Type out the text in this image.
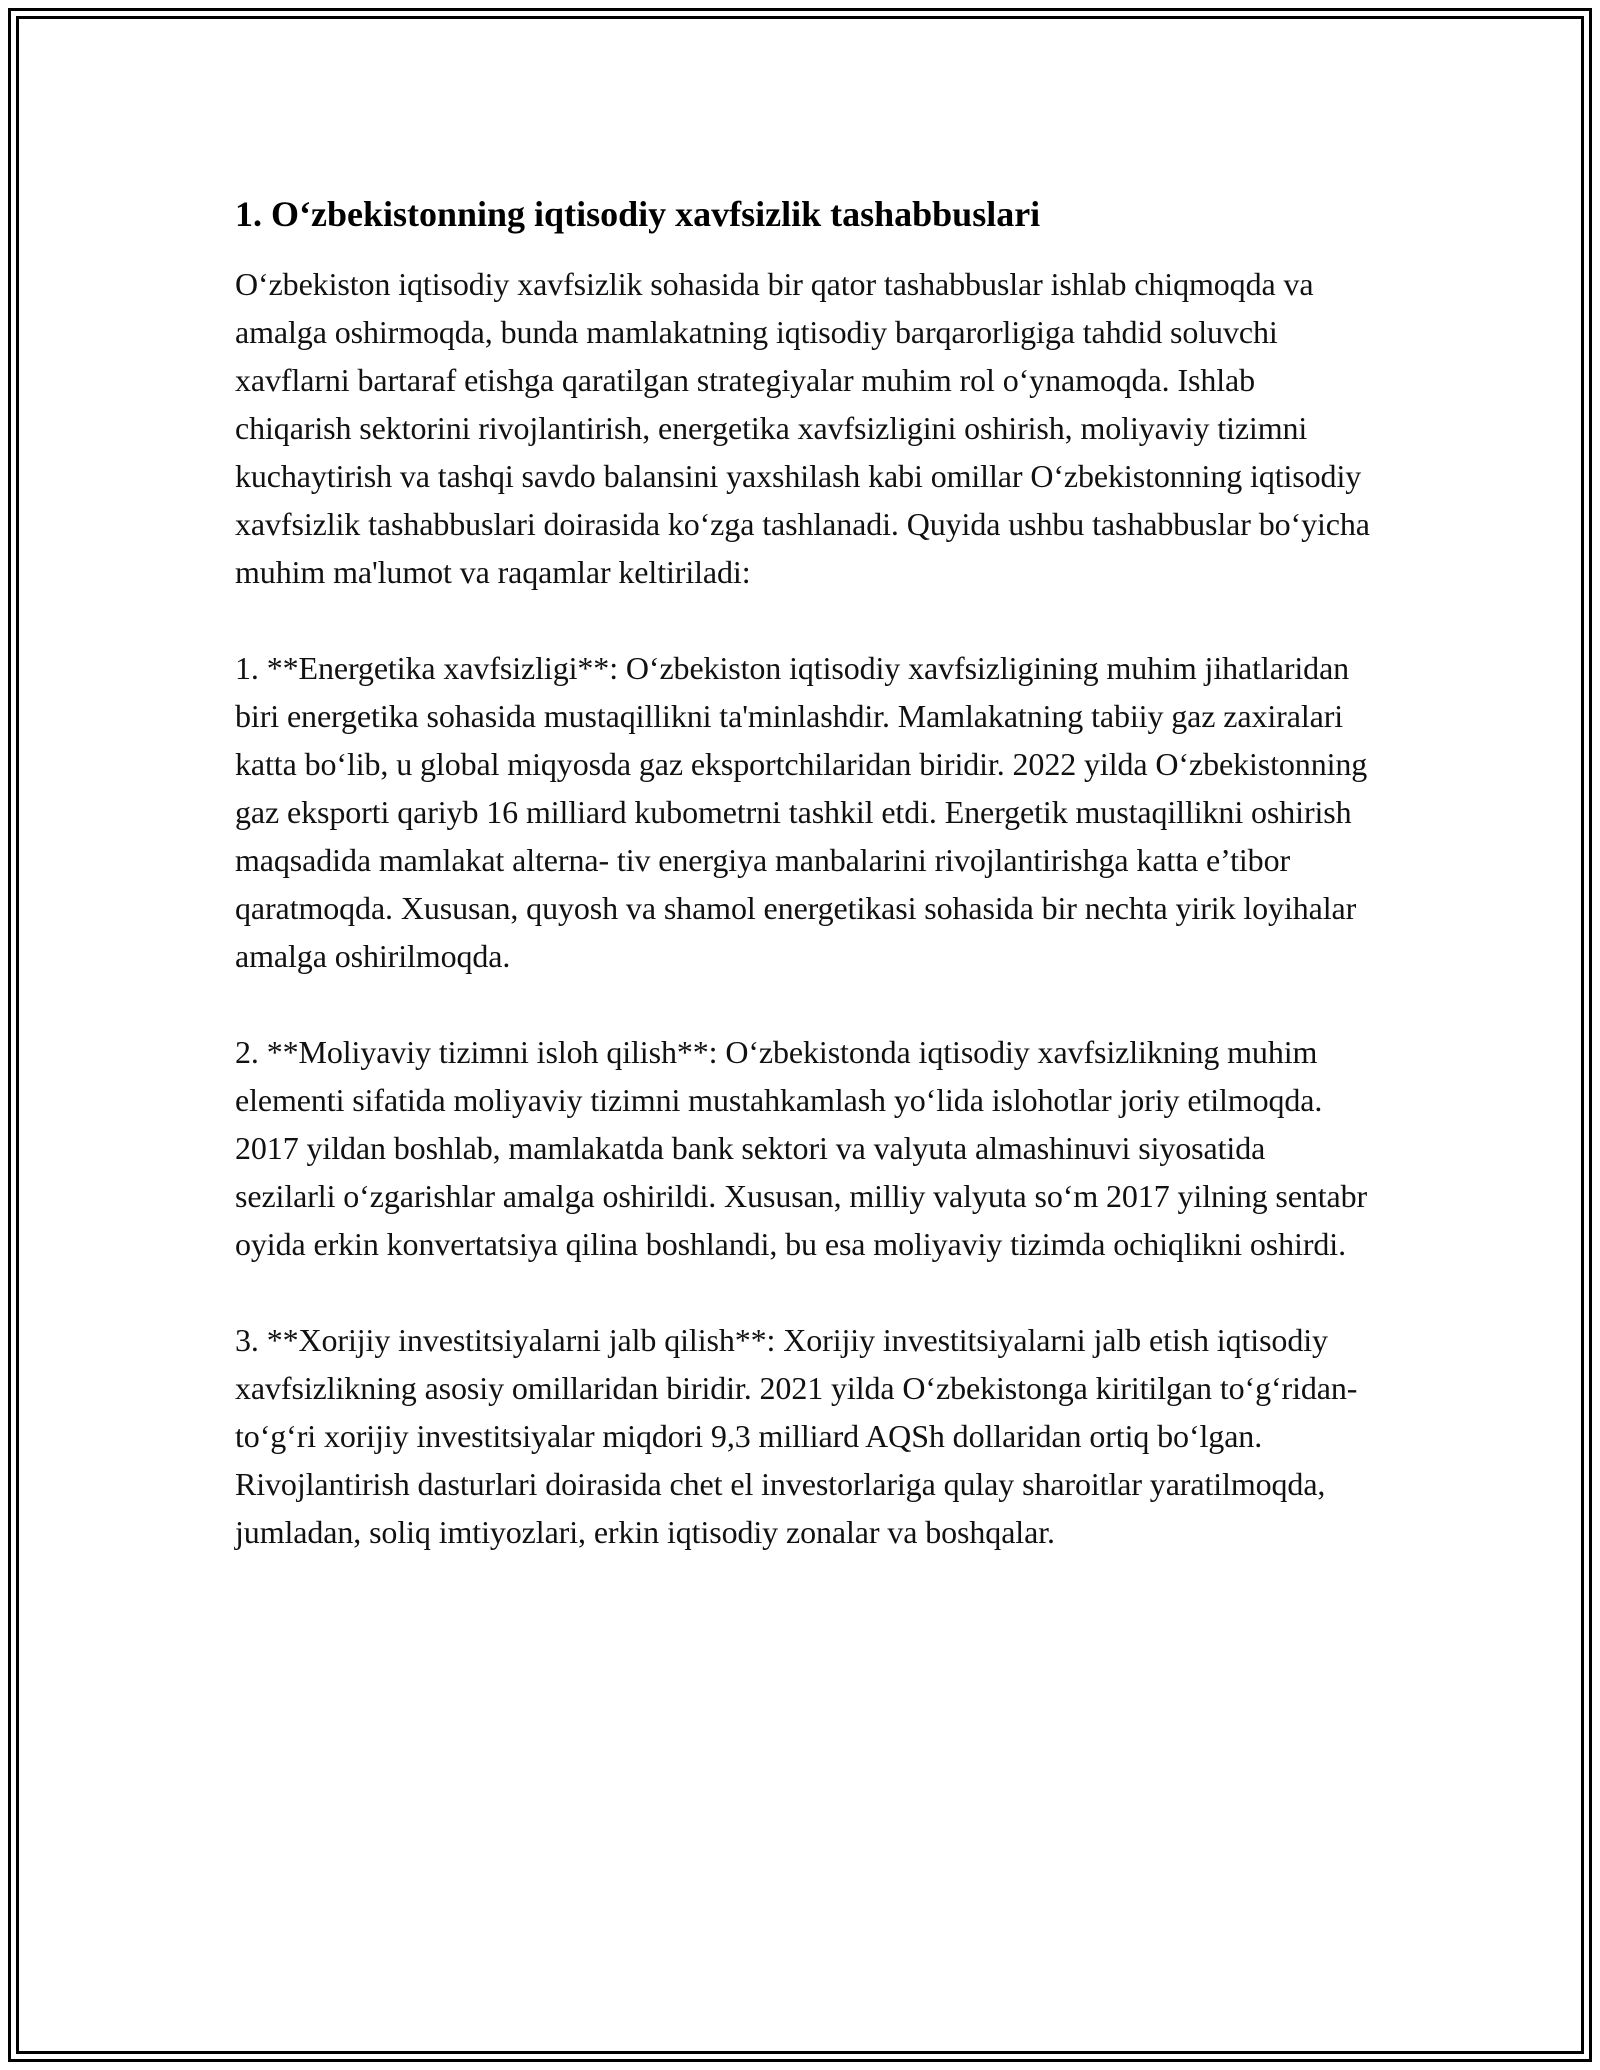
1. O‘zbekistonning iqtisodiy xavfsizlik tashabbuslari

O‘zbekiston iqtisodiy xavfsizlik sohasida bir qator tashabbuslar ishlab chiqmoqda va amalga oshirmoqda, bunda mamlakatning iqtisodiy barqarorligiga tahdid soluvchi xavflarni bartaraf etishga qaratilgan strategiyalar muhim rol o‘ynamoqda. Ishlab chiqarish sektorini rivojlantirish, energetika xavfsizligini oshirish, moliyaviy tizimni kuchaytirish va tashqi savdo balansini yaxshilash kabi omillar O‘zbekistonning iqtisodiy xavfsizlik tashabbuslari doirasida ko‘zga tashlanadi. Quyida ushbu tashabbuslar bo‘yicha muhim ma'lumot va raqamlar keltiriladi:

1. **Energetika xavfsizligi**: O‘zbekiston iqtisodiy xavfsizligining muhim jihatlaridan biri energetika sohasida mustaqillikni ta'minlashdir. Mamlakatning tabiiy gaz zaxiralari katta bo‘lib, u global miqyosda gaz eksportchilaridan biridir. 2022 yilda O‘zbekistonning gaz eksporti qariyb 16 milliard kubometrni tashkil etdi. Energetik mustaqillikni oshirish maqsadida mamlakat alterna- tiv energiya manbalarini rivojlantirishga katta e’tibor qaratmoqda. Xususan, quyosh va shamol energetikasi sohasida bir nechta yirik loyihalar amalga oshirilmoqda.

2. **Moliyaviy tizimni isloh qilish**: O‘zbekistonda iqtisodiy xavfsizlikning muhim elementi sifatida moliyaviy tizimni mustahkamlash yo‘lida islohotlar joriy etilmoqda. 2017 yildan boshlab, mamlakatda bank sektori va valyuta almashinuvi siyosatida sezilarli o‘zgarishlar amalga oshirildi. Xususan, milliy valyuta so‘m 2017 yilning sentabr oyida erkin konvertatsiya qilina boshlandi, bu esa moliyaviy tizimda ochiqlikni oshirdi.

3. **Xorijiy investitsiyalarni jalb qilish**: Xorijiy investitsiyalarni jalb etish iqtisodiy xavfsizlikning asosiy omillaridan biridir. 2021 yilda O‘zbekistonga kiritilgan to‘g‘ridan-to‘g‘ri xorijiy investitsiyalar miqdori 9,3 milliard AQSh dollaridan ortiq bo‘lgan. Rivojlantirish dasturlari doirasida chet el investorlariga qulay sharoitlar yaratilmoqda, jumladan, soliq imtiyozlari, erkin iqtisodiy zonalar va boshqalar.
